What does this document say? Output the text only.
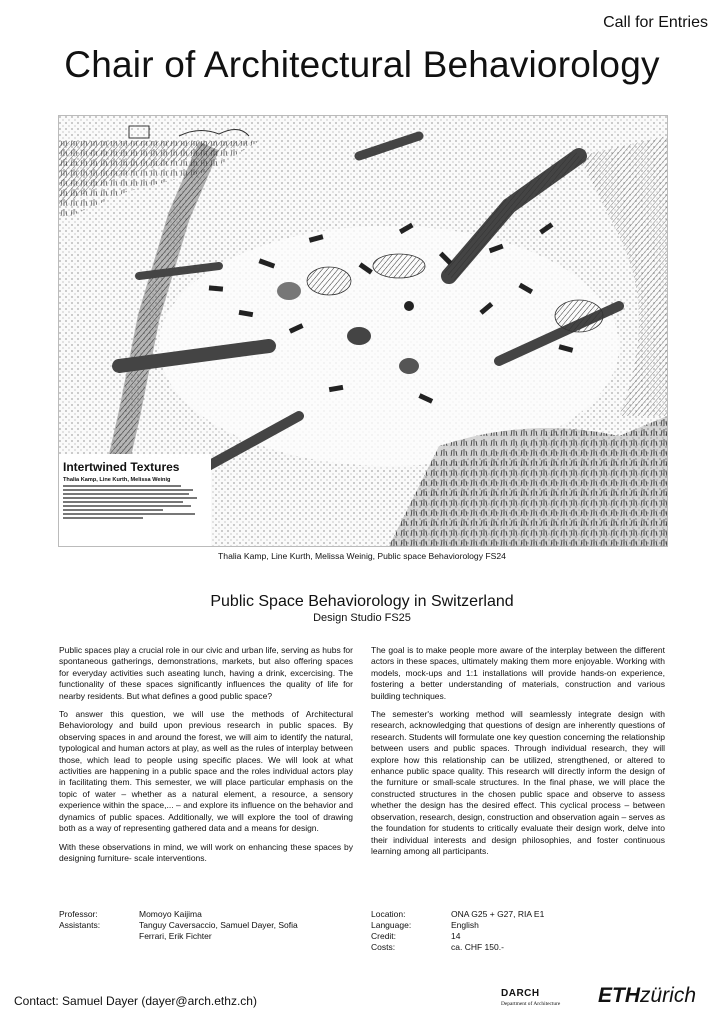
Call for Entries
Chair of Architectural Behaviorology
Intertwined Textures
Thalia Kamp, Line Kurth, Melissa Weinig
Thalia Kamp, Line Kurth, Melissa Weinig, Public space Behaviorology FS24
Public Space Behaviorology in Switzerland
Design Studio FS25

Public spaces play a crucial role in our civic and urban life, serving as hubs for spontaneous gatherings, demonstrations, markets, but also offering spaces for everyday activities such aseating lunch, having a drink, excercising. The functionality of these spaces significantly influences the quality of life for nearby residents. But what defines a good public space?

To answer this question, we will use the methods of Architectural Behaviorology and build upon previous research in public spaces. By observing spaces in and around the forest, we will aim to identify the natural, typological and human actors at play, as well as the rules of interplay between those, which lead to people using specific places. We will look at what activities are happening in a public space and the roles individual actors play in facilitating them. This semester, we will place particular emphasis on the topic of water – whether as a natural element, a resource, a sensory experience within the space,... – and explore its influence on the behavior and dynamics of public spaces. Additionally, we will explore the tool of drawing both as a way of representing gathered data and a means for design.

With these observations in mind, we will work on enhancing these spaces by designing furniture- scale interventions.

The goal is to make people more aware of the interplay between the different actors in these spaces, ultimately making them more enjoyable. Working with models, mock-ups and 1:1 installations will provide hands-on experience, fostering a better understanding of materials, construction and various building techniques.

The semester's working method will seamlessly integrate design with research, acknowledging that questions of design are inherently questions of research. Students will formulate one key question concerning the relationship between users and public spaces. Through individual research, they will explore how this relationship can be utilized, strengthened, or altered to enhance public space quality. This research will directly inform the design of the furniture or small-scale structures. In the final phase, we will place the constructed structures in the chosen public space and observe to assess whether the design has the desired effect. This cyclical process – between observation, research, design, construction and observation again – serves as the foundation for students to critically evaluate their design work, delve into their individual interests and design philosophies, and foster continuous learning among all participants.

Professor:	Momoyo Kaijima
Assistants:	Tanguy Caversaccio, Samuel Dayer, Sofia Ferrari, Erik Fichter
Location:	ONA G25 + G27, RIA E1
Language:	English
Credit:	14
Costs:	ca. CHF 150.-
Contact: Samuel Dayer (dayer@arch.ethz.ch)
DARCH
Department of Architecture ETHzürich
